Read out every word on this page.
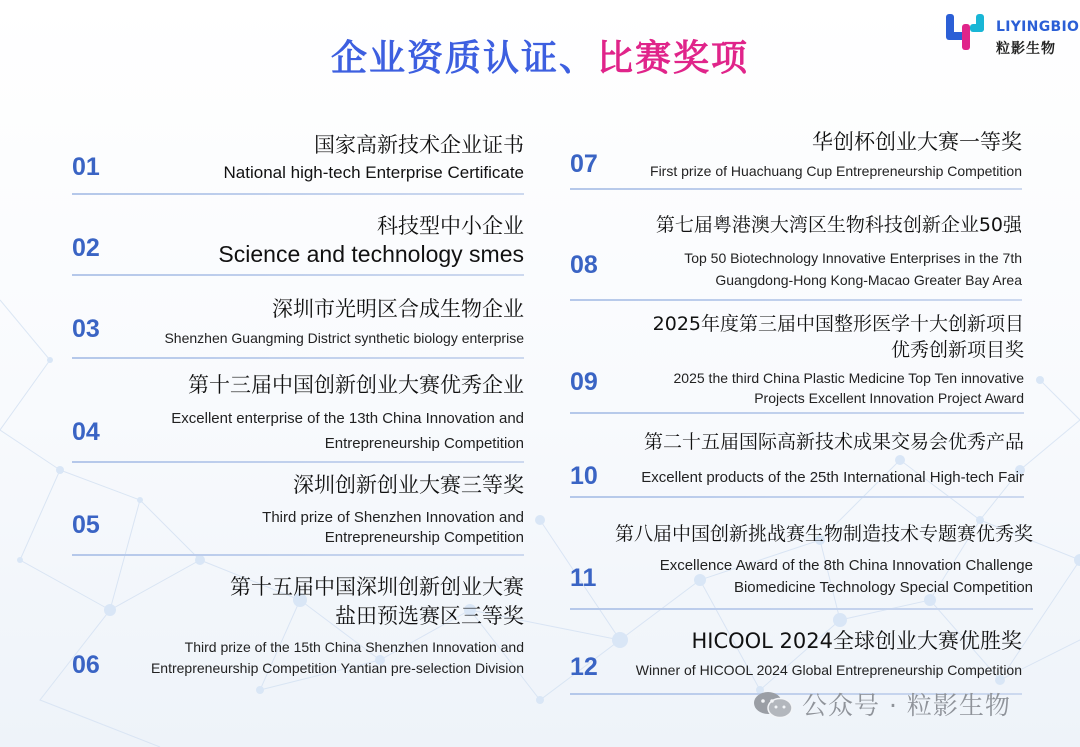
企业资质认证、比赛奖项
LIYINGBIO
粒影生物
01
国家高新技术企业证书
National high-tech Enterprise Certificate
02
科技型中小企业
Science and technology smes
03
深圳市光明区合成生物企业
Shenzhen Guangming District synthetic biology enterprise
04
第十三届中国创新创业大赛优秀企业
Excellent enterprise of the 13th China Innovation and
Entrepreneurship Competition
05
深圳创新创业大赛三等奖
Third prize of Shenzhen Innovation and
Entrepreneurship Competition
06
第十五届中国深圳创新创业大赛
盐田预选赛区三等奖
Third prize of the 15th China Shenzhen Innovation and
Entrepreneurship Competition Yantian pre-selection Division
07
华创杯创业大赛一等奖
First prize of Huachuang Cup Entrepreneurship Competition
08
第七届粤港澳大湾区生物科技创新企业50强
Top 50 Biotechnology Innovative Enterprises in the 7th
Guangdong-Hong Kong-Macao Greater Bay Area
09
2025年度第三届中国整形医学十大创新项目
优秀创新项目奖
2025 the third China Plastic Medicine Top Ten innovative
Projects Excellent Innovation Project Award
10
第二十五届国际高新技术成果交易会优秀产品
Excellent products of the 25th International High-tech Fair
11
第八届中国创新挑战赛生物制造技术专题赛优秀奖
Excellence Award of the 8th China Innovation Challenge
Biomedicine Technology Special Competition
12
HICOOL 2024全球创业大赛优胜奖
Winner of HICOOL 2024 Global Entrepreneurship Competition
公众号 · 粒影生物
